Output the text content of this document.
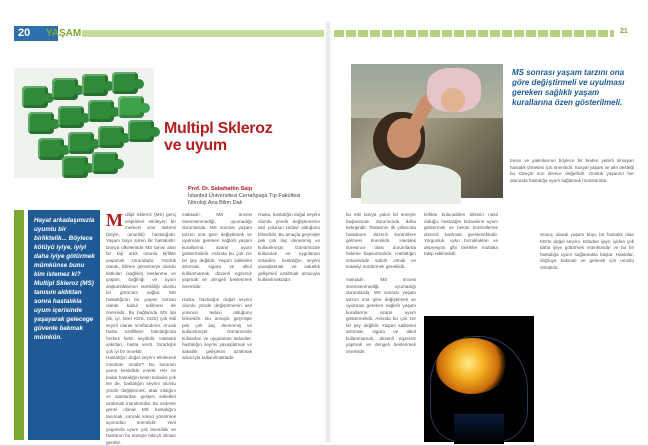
20	YAŞAM	21
Multipl Skleroz
ve uyum
Prof. Dr. Sabahattin Saip
İstanbul Üniversitesi Cerrahpaşa Tıp Fakültesi
Nöroloji Ana Bilim Dalı
Hayat arkadaşımızla uyumlu bir birliktelik... Böylece kötüyü iyiye, iyiyi daha iyiye götürmek mümkünse bunu kim istemez ki? Multipl Skleroz (MS) tanısını aldıktan sonra hastalıkla uyum içerisinde yaşayarak gelecege güvenle bakmak mümkün.
Multipl Skleroz (MS) genç erişkinleri etkileyen bir merkezi sinir sistemi (beyin, omurilik) hastalığıdır. Yaşam boyu süren bir hastalıktır. Dünya ülkelerinde MS tanısı alan bir kişi artık onunla birlikte yaşamak zorundadır. Günlük olarak, bilinen görünmeye olumlu katkıları (sağlıklı) beslenme ve yaşam, bağlılığı ve uyum alışkanlıklarının sürekliliği olumlu bir görünüm sağlar. MS hastalığının bir yaşam sorusu olarak kabul edilmesi de önemlidir. Bu bağlamda MS tipi (ilk, iyi, birer KDS, KDS) çok kitli seyirli olarak sınıflandırılır. Ancak hasta özellikleri bakıldığında herkes farklı seyirlidir. Hastalık yakıtları, hasta verdi. Sıradışlık çok iyi bir örnektir.
Hastalığın doğal seyrini etkilemek mümkün müdür? Bu sorunun yanıtı kesinlikle evettir. Her ne kadar hastalığın kesin tedavisi yok ise de, hastalığın seyrini olumlu yönde değiştirmek, atak sıklığını ve ataklardan gelişen sekelleri azaltmak mümkündür. Bu nedenle genel olarak MS hastalığını tanımak, sonraki süreci yönetmek açısından önemlidir. Yeni yaşamda uyum çok önemlidir ve hastanın bu süreçte bilinçli olması gerekir.
maktadır. MS öncesi önemsenmediği, uyumadığı durumlarda, MS sonrası yaşam tarzını ona göre değiştirmek ve uyulması gereken sağlıklı yaşam kurallarına azami uyum göstermelidir. Aslında bu çok zor bir şey değildir. Yaşam kalitesini artırmak, sigara ve alkol kullanmamak, düzenli egzersiz yapmak ve dengeli beslenmek önemlidir.

Hasta, hastalığın doğal seyrini olumlu yönde değiştirmenin asıl yolunun tedavi olduğunu bilmelidir. Bu amaçla geçmişte pek çok ilaç denenmiş ve kullanılmıştır. Günümüzde kullanılan ve uygulanan tedaviler, hastalığın seyrini yavaşlatmak ve sakatlık gelişimini azaltmak amacıyla kullanılmaktadır.
Hasta, hastalığın doğal seyrini olumlu yönde değiştirmenin asıl yolunun tedavi olduğunu bilmelidir. Bu amaçla geçmişte pek çok ilaç denenmiş ve kullanılmıştır. Günümüzde kullanılan ve uygulanan tedaviler, hastalığın seyrini yavaşlatmak ve sakatlık gelişimini azaltmak amacıyla kullanılmaktadır.
MS sonrası yaşam tarzını ona göre değiştirmeli ve uyulması gereken sağlıklı yaşam kurallarına özen gösterilmeli.
bu etki tanıya yakın bir süreçte başlanması durumunda daha belirgindir. Tedavinin ilk yıllarında hastaların düzenli kontrollere gelmesi önemlidir. Hastalık süresince olası durumlarda hekime başvurmalıdır. Hastalığın tedavisinde sabırlı olmak ve tedaviyi sürdürmek gereklidir.

maktadır. MS öncesi önemsenmediği, uyumadığı durumlarda, MS sonrası yaşam tarzını ona göre değiştirmek ve uyulması gereken sağlıklı yaşam kurallarına azami uyum göstermelidir. Aslında bu çok zor bir şey değildir. Yaşam kalitesini artırmak, sigara ve alkol kullanmamak, düzenli egzersiz yapmak ve dengeli beslenmek önemlidir.
birlikte bulunabilen bitkinin nasıl olduğu, hastalığın tedavisine uyum göstermek ve hekim kontrollerine düzenli katılmak gerekmektedir. Yorgunluk, uyku bozuklukları ve depresyon gibi belirtiler mutlaka takip edilmelidir.
tanısı ve yakınlarının böylece bir beden yeterli olmayan hastalık yönetimi için önemlidir. Sosyal yaşam ve aile desteği bu süreçte son derece değerlidir. Günlük yaşamın her alanında hastalığa uyum sağlamak mümkündür.
Sonuç olarak yaşam boyu bir hastalık olan MS'te doğal seyrini, kötüden iyiye, iyiden çok daha iyiye götürmek mümkündür ve bu bir hastalığa uyum sağlamakla başlar. Hastalar, doğruya bakmalı ve gelecek için umutlu olmalıdır.
